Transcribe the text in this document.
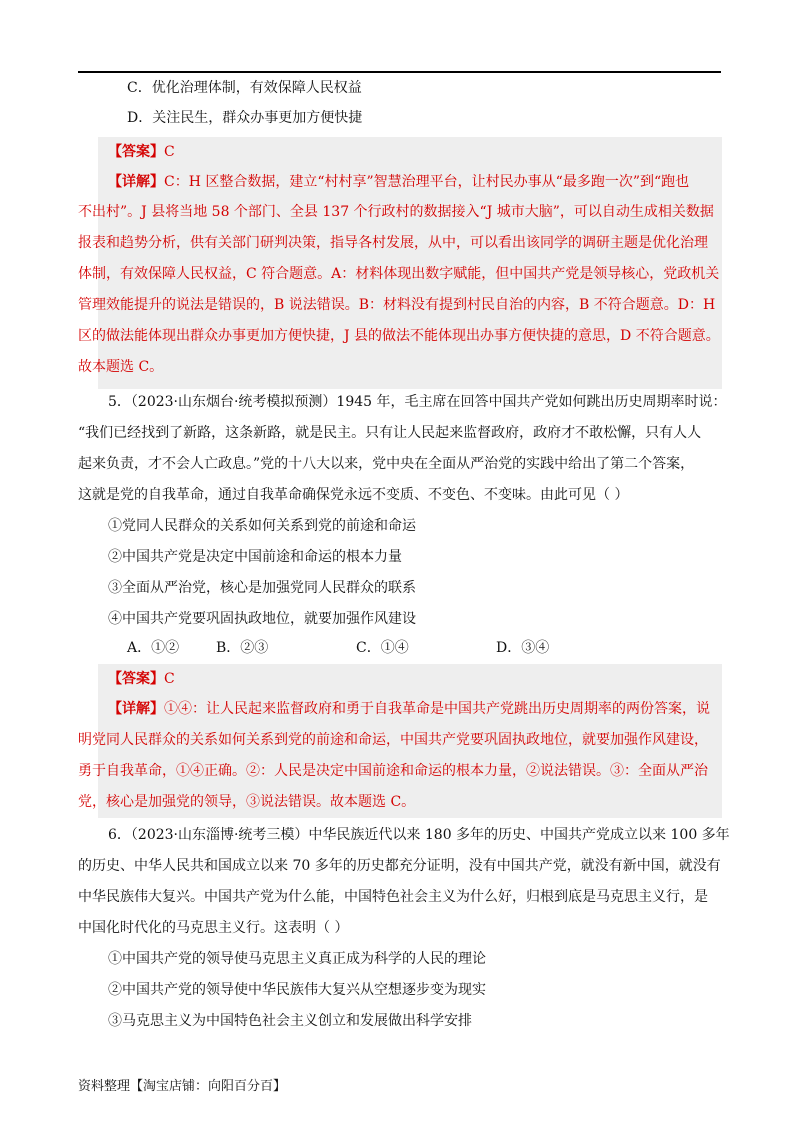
C．优化治理体制，有效保障人民权益
D．关注民生，群众办事更加方便快捷
【答案】C
【详解】C：H 区整合数据，建立“村村享”智慧治理平台，让村民办事从“最多跑一次”到“跑也
不出村”。J 县将当地 58 个部门、全县 137 个行政村的数据接入“J 城市大脑”，可以自动生成相关数据
报表和趋势分析，供有关部门研判决策，指导各村发展，从中，可以看出该同学的调研主题是优化治理
体制，有效保障人民权益，C 符合题意。A：材料体现出数字赋能，但中国共产党是领导核心，党政机关
管理效能提升的说法是错误的，B 说法错误。B：材料没有提到村民自治的内容，B 不符合题意。D：H
区的做法能体现出群众办事更加方便快捷，J 县的做法不能体现出办事方便快捷的意思，D 不符合题意。
故本题选 C。
5．（2023·山东烟台·统考模拟预测）1945 年，毛主席在回答中国共产党如何跳出历史周期率时说：
“我们已经找到了新路，这条新路，就是民主。只有让人民起来监督政府，政府才不敢松懈，只有人人
起来负责，才不会人亡政息。”党的十八大以来，党中央在全面从严治党的实践中给出了第二个答案，
这就是党的自我革命，通过自我革命确保党永远不变质、不变色、不变味。由此可见（ ）
①党同人民群众的关系如何关系到党的前途和命运
②中国共产党是决定中国前途和命运的根本力量
③全面从严治党，核心是加强党同人民群众的联系
④中国共产党要巩固执政地位，就要加强作风建设
A．①②	B．②③	C．①④	D．③④
【答案】C
【详解】①④：让人民起来监督政府和勇于自我革命是中国共产党跳出历史周期率的两份答案，说
明党同人民群众的关系如何关系到党的前途和命运，中国共产党要巩固执政地位，就要加强作风建设，
勇于自我革命，①④正确。②：人民是决定中国前途和命运的根本力量，②说法错误。③：全面从严治
党，核心是加强党的领导，③说法错误。故本题选 C。
6．（2023·山东淄博·统考三模）中华民族近代以来 180 多年的历史、中国共产党成立以来 100 多年
的历史、中华人民共和国成立以来 70 多年的历史都充分证明，没有中国共产党，就没有新中国，就没有
中华民族伟大复兴。中国共产党为什么能，中国特色社会主义为什么好，归根到底是马克思主义行，是
中国化时代化的马克思主义行。这表明（ ）
①中国共产党的领导使马克思主义真正成为科学的人民的理论
②中国共产党的领导使中华民族伟大复兴从空想逐步变为现实
③马克思主义为中国特色社会主义创立和发展做出科学安排
资料整理【淘宝店铺：向阳百分百】
